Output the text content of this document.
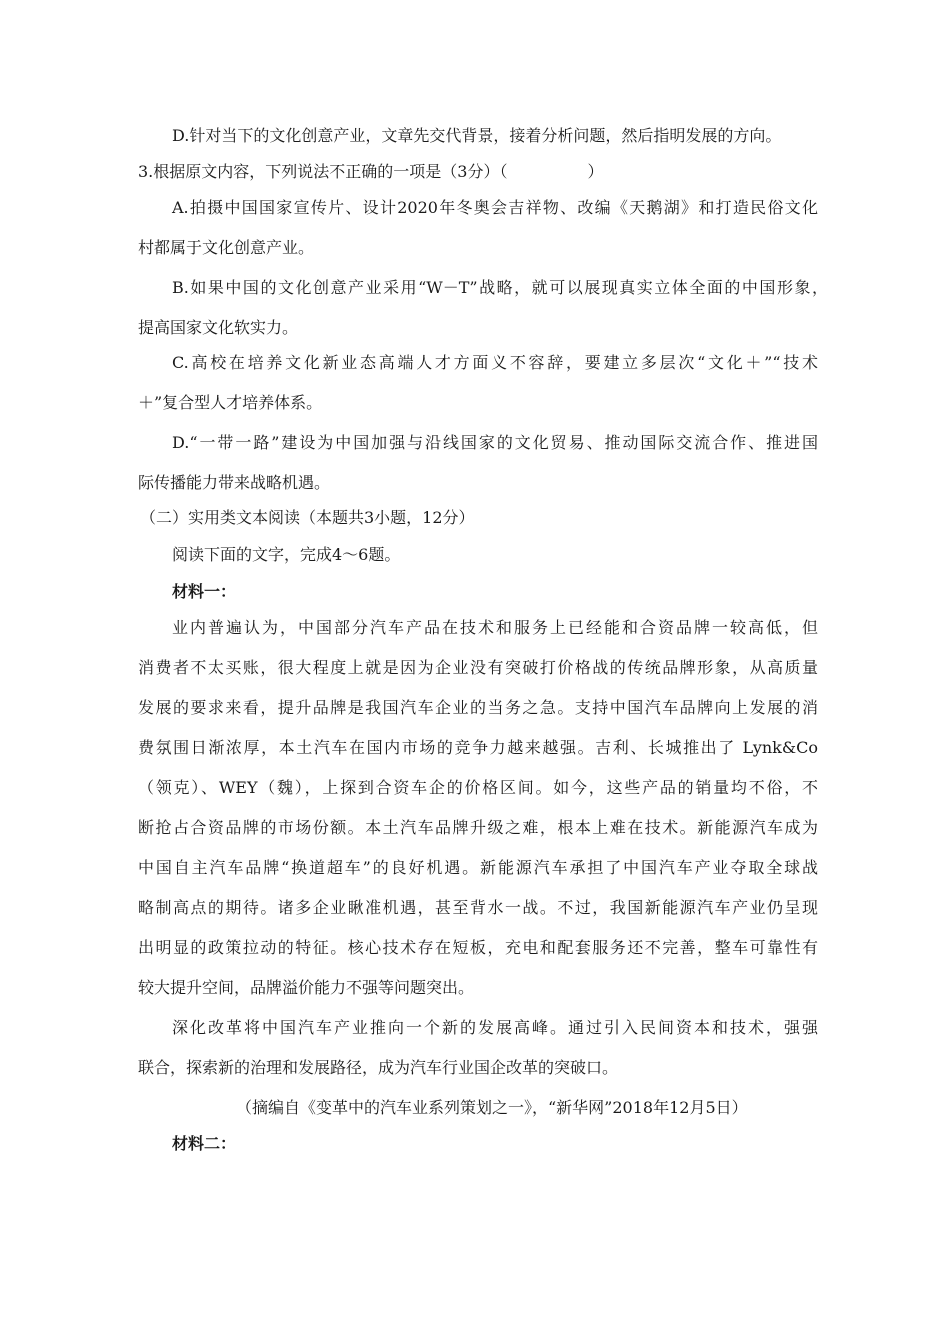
D.针对当下的文化创意产业，文章先交代背景，接着分析问题，然后指明发展的方向。
3.根据原文内容，下列说法不正确的一项是（3分）（　　　　　）
A.拍摄中国国家宣传片、设计2020年冬奥会吉祥物、改编《天鹅湖》和打造民俗文化
村都属于文化创意产业。
B.如果中国的文化创意产业采用“W－T”战略，就可以展现真实立体全面的中国形象，
提高国家文化软实力。
C.高校在培养文化新业态高端人才方面义不容辞，要建立多层次“文化＋”“技术
＋”复合型人才培养体系。
D.“一带一路”建设为中国加强与沿线国家的文化贸易、推动国际交流合作、推进国
际传播能力带来战略机遇。
（二）实用类文本阅读（本题共3小题，12分）
阅读下面的文字，完成4～6题。
材料一：
业内普遍认为，中国部分汽车产品在技术和服务上已经能和合资品牌一较高低，但
消费者不太买账，很大程度上就是因为企业没有突破打价格战的传统品牌形象，从高质量
发展的要求来看，提升品牌是我国汽车企业的当务之急。支持中国汽车品牌向上发展的消
费氛围日渐浓厚，本土汽车在国内市场的竞争力越来越强。吉利、长城推出了 Lynk&Co
（领克）、WEY（魏），上探到合资车企的价格区间。如今，这些产品的销量均不俗，不
断抢占合资品牌的市场份额。本土汽车品牌升级之难，根本上难在技术。新能源汽车成为
中国自主汽车品牌“换道超车”的良好机遇。新能源汽车承担了中国汽车产业夺取全球战
略制高点的期待。诸多企业瞅准机遇，甚至背水一战。不过，我国新能源汽车产业仍呈现
出明显的政策拉动的特征。核心技术存在短板，充电和配套服务还不完善，整车可靠性有
较大提升空间，品牌溢价能力不强等问题突出。
深化改革将中国汽车产业推向一个新的发展高峰。通过引入民间资本和技术，强强
联合，探索新的治理和发展路径，成为汽车行业国企改革的突破口。
（摘编自《变革中的汽车业系列策划之一》，“新华网”2018年12月5日）
材料二：
